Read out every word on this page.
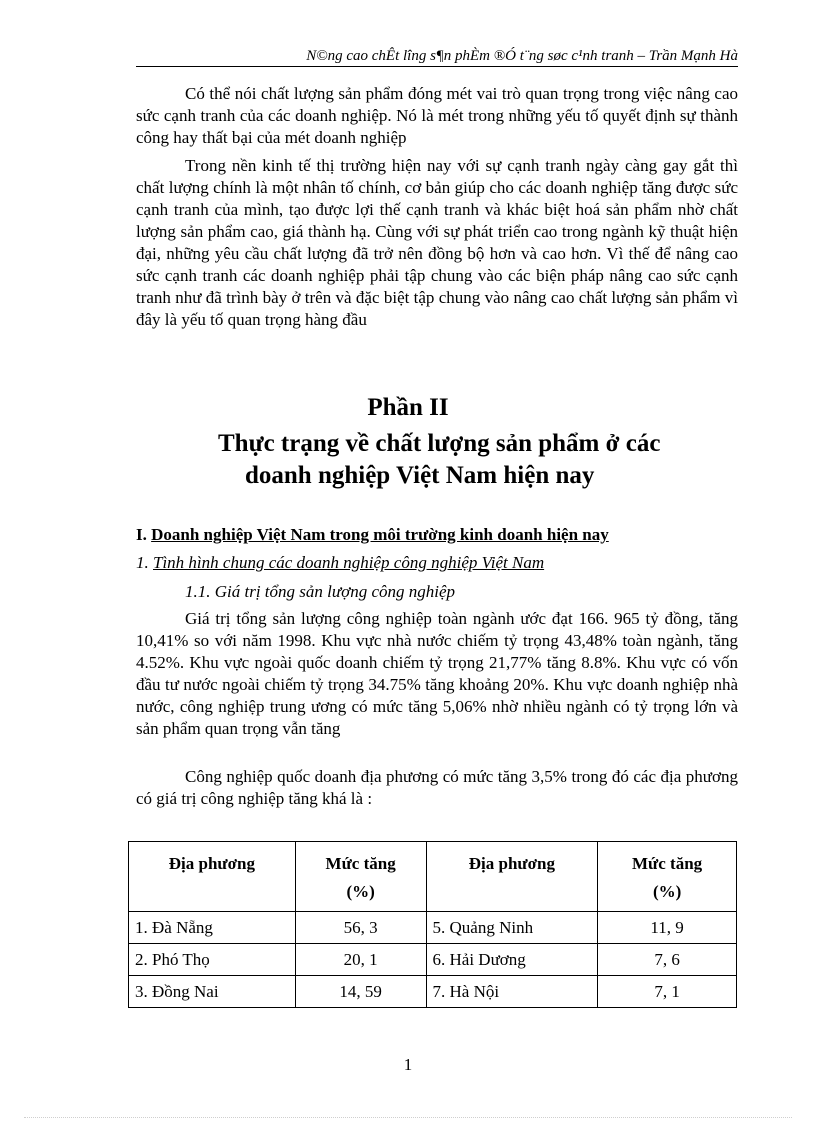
N©ng cao chÊt lîng s¶n phÈm ®Ó t¨ng søc c¹nh tranh – Trần Mạnh Hà

Có thể nói chất lượng sản phẩm đóng mét vai trò quan trọng trong việc nâng cao sức cạnh tranh của các doanh nghiệp. Nó là mét trong những yếu tố quyết định sự thành công hay thất bại của mét doanh nghiệp

Trong nền kinh tế thị trường hiện nay với sự cạnh tranh ngày càng gay gắt thì chất lượng chính là một nhân tố chính, cơ bản giúp cho các doanh nghiệp tăng được sức cạnh tranh của mình, tạo được lợi thế cạnh tranh và khác biệt hoá sản phẩm nhờ chất lượng sản phẩm cao, giá thành hạ. Cùng với sự phát triển cao trong ngành kỹ thuật hiện đại, những yêu cầu chất lượng đã trở nên đồng bộ hơn và cao hơn. Vì thế để nâng cao sức cạnh tranh các doanh nghiệp phải tập chung vào các biện pháp nâng cao sức cạnh tranh như đã trình bày ở trên và đặc biệt tập chung vào nâng cao chất lượng sản phẩm vì đây là yếu tố quan trọng hàng đầu

Phần II
Thực trạng về chất lượng sản phẩm ở các
doanh nghiệp Việt Nam hiện nay

I. Doanh nghiệp Việt Nam trong môi trường kinh doanh hiện nay

1. Tình hình chung các doanh nghiệp công nghiệp Việt Nam

1.1. Giá trị tổng sản lượng công nghiệp

Giá trị tổng sản lượng công nghiệp toàn ngành ước đạt 166. 965 tỷ đồng, tăng 10,41% so với năm 1998. Khu vực nhà nước chiếm tỷ trọng 43,48% toàn ngành, tăng 4.52%. Khu vực ngoài quốc doanh chiếm tỷ trọng 21,77% tăng 8.8%. Khu vực có vốn đầu tư nước ngoài chiếm tỷ trọng 34.75% tăng khoảng 20%. Khu vực doanh nghiệp nhà nước, công nghiệp trung ương có mức tăng 5,06% nhờ nhiều ngành có tỷ trọng lớn và sản phẩm quan trọng vẫn tăng

Công nghiệp quốc doanh địa phương có mức tăng 3,5% trong đó các địa phương có giá trị công nghiệp tăng khá là :

Địa phương	Mức tăng
(%)	Địa phương	Mức tăng
(%)
1. Đà Nẵng	56, 3	5. Quảng Ninh	11, 9
2. Phó Thọ	20, 1	6. Hải Dương	7, 6
3. Đồng Nai	14, 59	7. Hà Nội	7, 1
1
